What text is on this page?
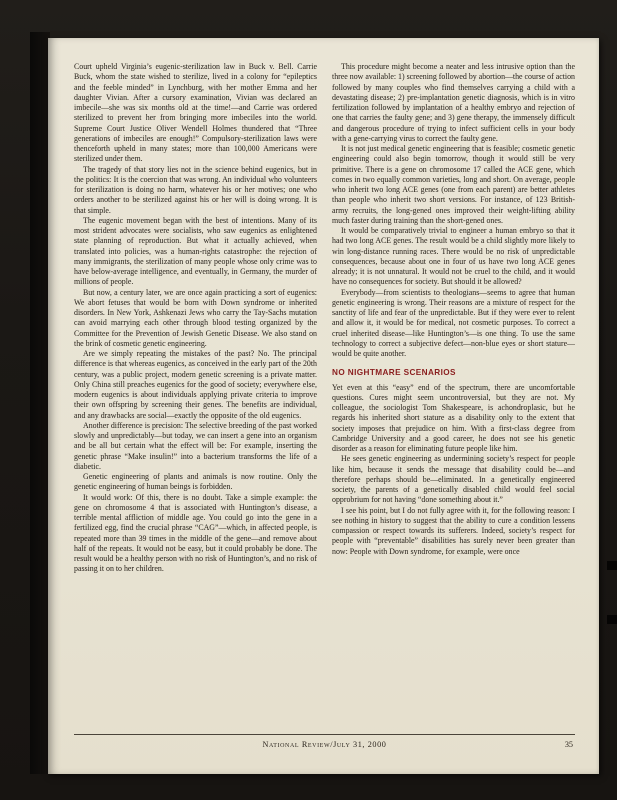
Court upheld Virginia’s eugenic-sterilization law in Buck v. Bell. Carrie Buck, whom the state wished to sterilize, lived in a colony for “epileptics and the feeble minded” in Lynchburg, with her mother Emma and her daughter Vivian. After a cursory examination, Vivian was declared an imbecile—she was six months old at the time!—and Carrie was ordered sterilized to prevent her from bringing more imbeciles into the world. Supreme Court Justice Oliver Wendell Holmes thundered that “Three generations of imbeciles are enough!” Compulsory-sterilization laws were thenceforth upheld in many states; more than 100,000 Americans were sterilized under them.

The tragedy of that story lies not in the science behind eugenics, but in the politics: It is the coercion that was wrong. An individual who volunteers for sterilization is doing no harm, whatever his or her motives; one who orders another to be sterilized against his or her will is doing wrong. It is that simple.

The eugenic movement began with the best of intentions. Many of its most strident advocates were socialists, who saw eugenics as enlightened state planning of reproduction. But what it actually achieved, when translated into policies, was a human-rights catastrophe: the rejection of many immigrants, the sterilization of many people whose only crime was to have below-average intelligence, and eventually, in Germany, the murder of millions of people.

But now, a century later, we are once again practicing a sort of eugenics: We abort fetuses that would be born with Down syndrome or inherited disorders. In New York, Ashkenazi Jews who carry the Tay-Sachs mutation can avoid marrying each other through blood testing organized by the Committee for the Prevention of Jewish Genetic Disease. We also stand on the brink of cosmetic genetic engineering.

Are we simply repeating the mistakes of the past? No. The principal difference is that whereas eugenics, as conceived in the early part of the 20th century, was a public project, modern genetic screening is a private matter. Only China still preaches eugenics for the good of society; everywhere else, modern eugenics is about individuals applying private criteria to improve their own offspring by screening their genes. The benefits are individual, and any drawbacks are social—exactly the opposite of the old eugenics.

Another difference is precision: The selective breeding of the past worked slowly and unpredictably—but today, we can insert a gene into an organism and be all but certain what the effect will be: For example, inserting the genetic phrase “Make insulin!” into a bacterium transforms the life of a diabetic.

Genetic engineering of plants and animals is now routine. Only the genetic engineering of human beings is forbidden.

It would work: Of this, there is no doubt. Take a simple example: the gene on chromosome 4 that is associated with Huntington’s disease, a terrible mental affliction of middle age. You could go into the gene in a fertilized egg, find the crucial phrase “CAG”—which, in affected people, is repeated more than 39 times in the middle of the gene—and remove about half of the repeats. It would not be easy, but it could probably be done. The result would be a healthy person with no risk of Huntington’s, and no risk of passing it on to her children.

This procedure might become a neater and less intrusive option than the three now available: 1) screening followed by abortion—the course of action followed by many couples who find themselves carrying a child with a devastating disease; 2) pre-implantation genetic diagnosis, which is in vitro fertilization followed by implantation of a healthy embryo and rejection of one that carries the faulty gene; and 3) gene therapy, the immensely difficult and dangerous procedure of trying to infect sufficient cells in your body with a gene-carrying virus to correct the faulty gene.

It is not just medical genetic engineering that is feasible; cosmetic genetic engineering could also begin tomorrow, though it would still be very primitive. There is a gene on chromosome 17 called the ACE gene, which comes in two equally common varieties, long and short. On average, people who inherit two long ACE genes (one from each parent) are better athletes than people who inherit two short versions. For instance, of 123 British-army recruits, the long-gened ones improved their weight-lifting ability much faster during training than the short-gened ones.

It would be comparatively trivial to engineer a human embryo so that it had two long ACE genes. The result would be a child slightly more likely to win long-distance running races. There would be no risk of unpredictable consequences, because about one in four of us have two long ACE genes already; it is not unnatural. It would not be cruel to the child, and it would have no consequences for society. But should it be allowed?

Everybody—from scientists to theologians—seems to agree that human genetic engineering is wrong. Their reasons are a mixture of respect for the sanctity of life and fear of the unpredictable. But if they were ever to relent and allow it, it would be for medical, not cosmetic purposes. To correct a cruel inherited disease—like Huntington’s—is one thing. To use the same technology to correct a subjective defect—non-blue eyes or short stature—would be quite another.

NO NIGHTMARE SCENARIOS

Yet even at this “easy” end of the spectrum, there are uncomfortable questions. Cures might seem uncontroversial, but they are not. My colleague, the sociologist Tom Shakespeare, is achondroplasic, but he regards his inherited short stature as a disability only to the extent that society imposes that prejudice on him. With a first-class degree from Cambridge University and a good career, he does not see his genetic disorder as a reason for eliminating future people like him.

He sees genetic engineering as undermining society’s respect for people like him, because it sends the message that disability could be—and therefore perhaps should be—eliminated. In a genetically engineered society, the parents of a genetically disabled child would feel social opprobrium for not having “done something about it.”

I see his point, but I do not fully agree with it, for the following reason: I see nothing in history to suggest that the ability to cure a condition lessens compassion or respect towards its sufferers. Indeed, society’s respect for people with “preventable” disabilities has surely never been greater than now: People with Down syndrome, for example, were once

National Review/July 31, 2000	35
